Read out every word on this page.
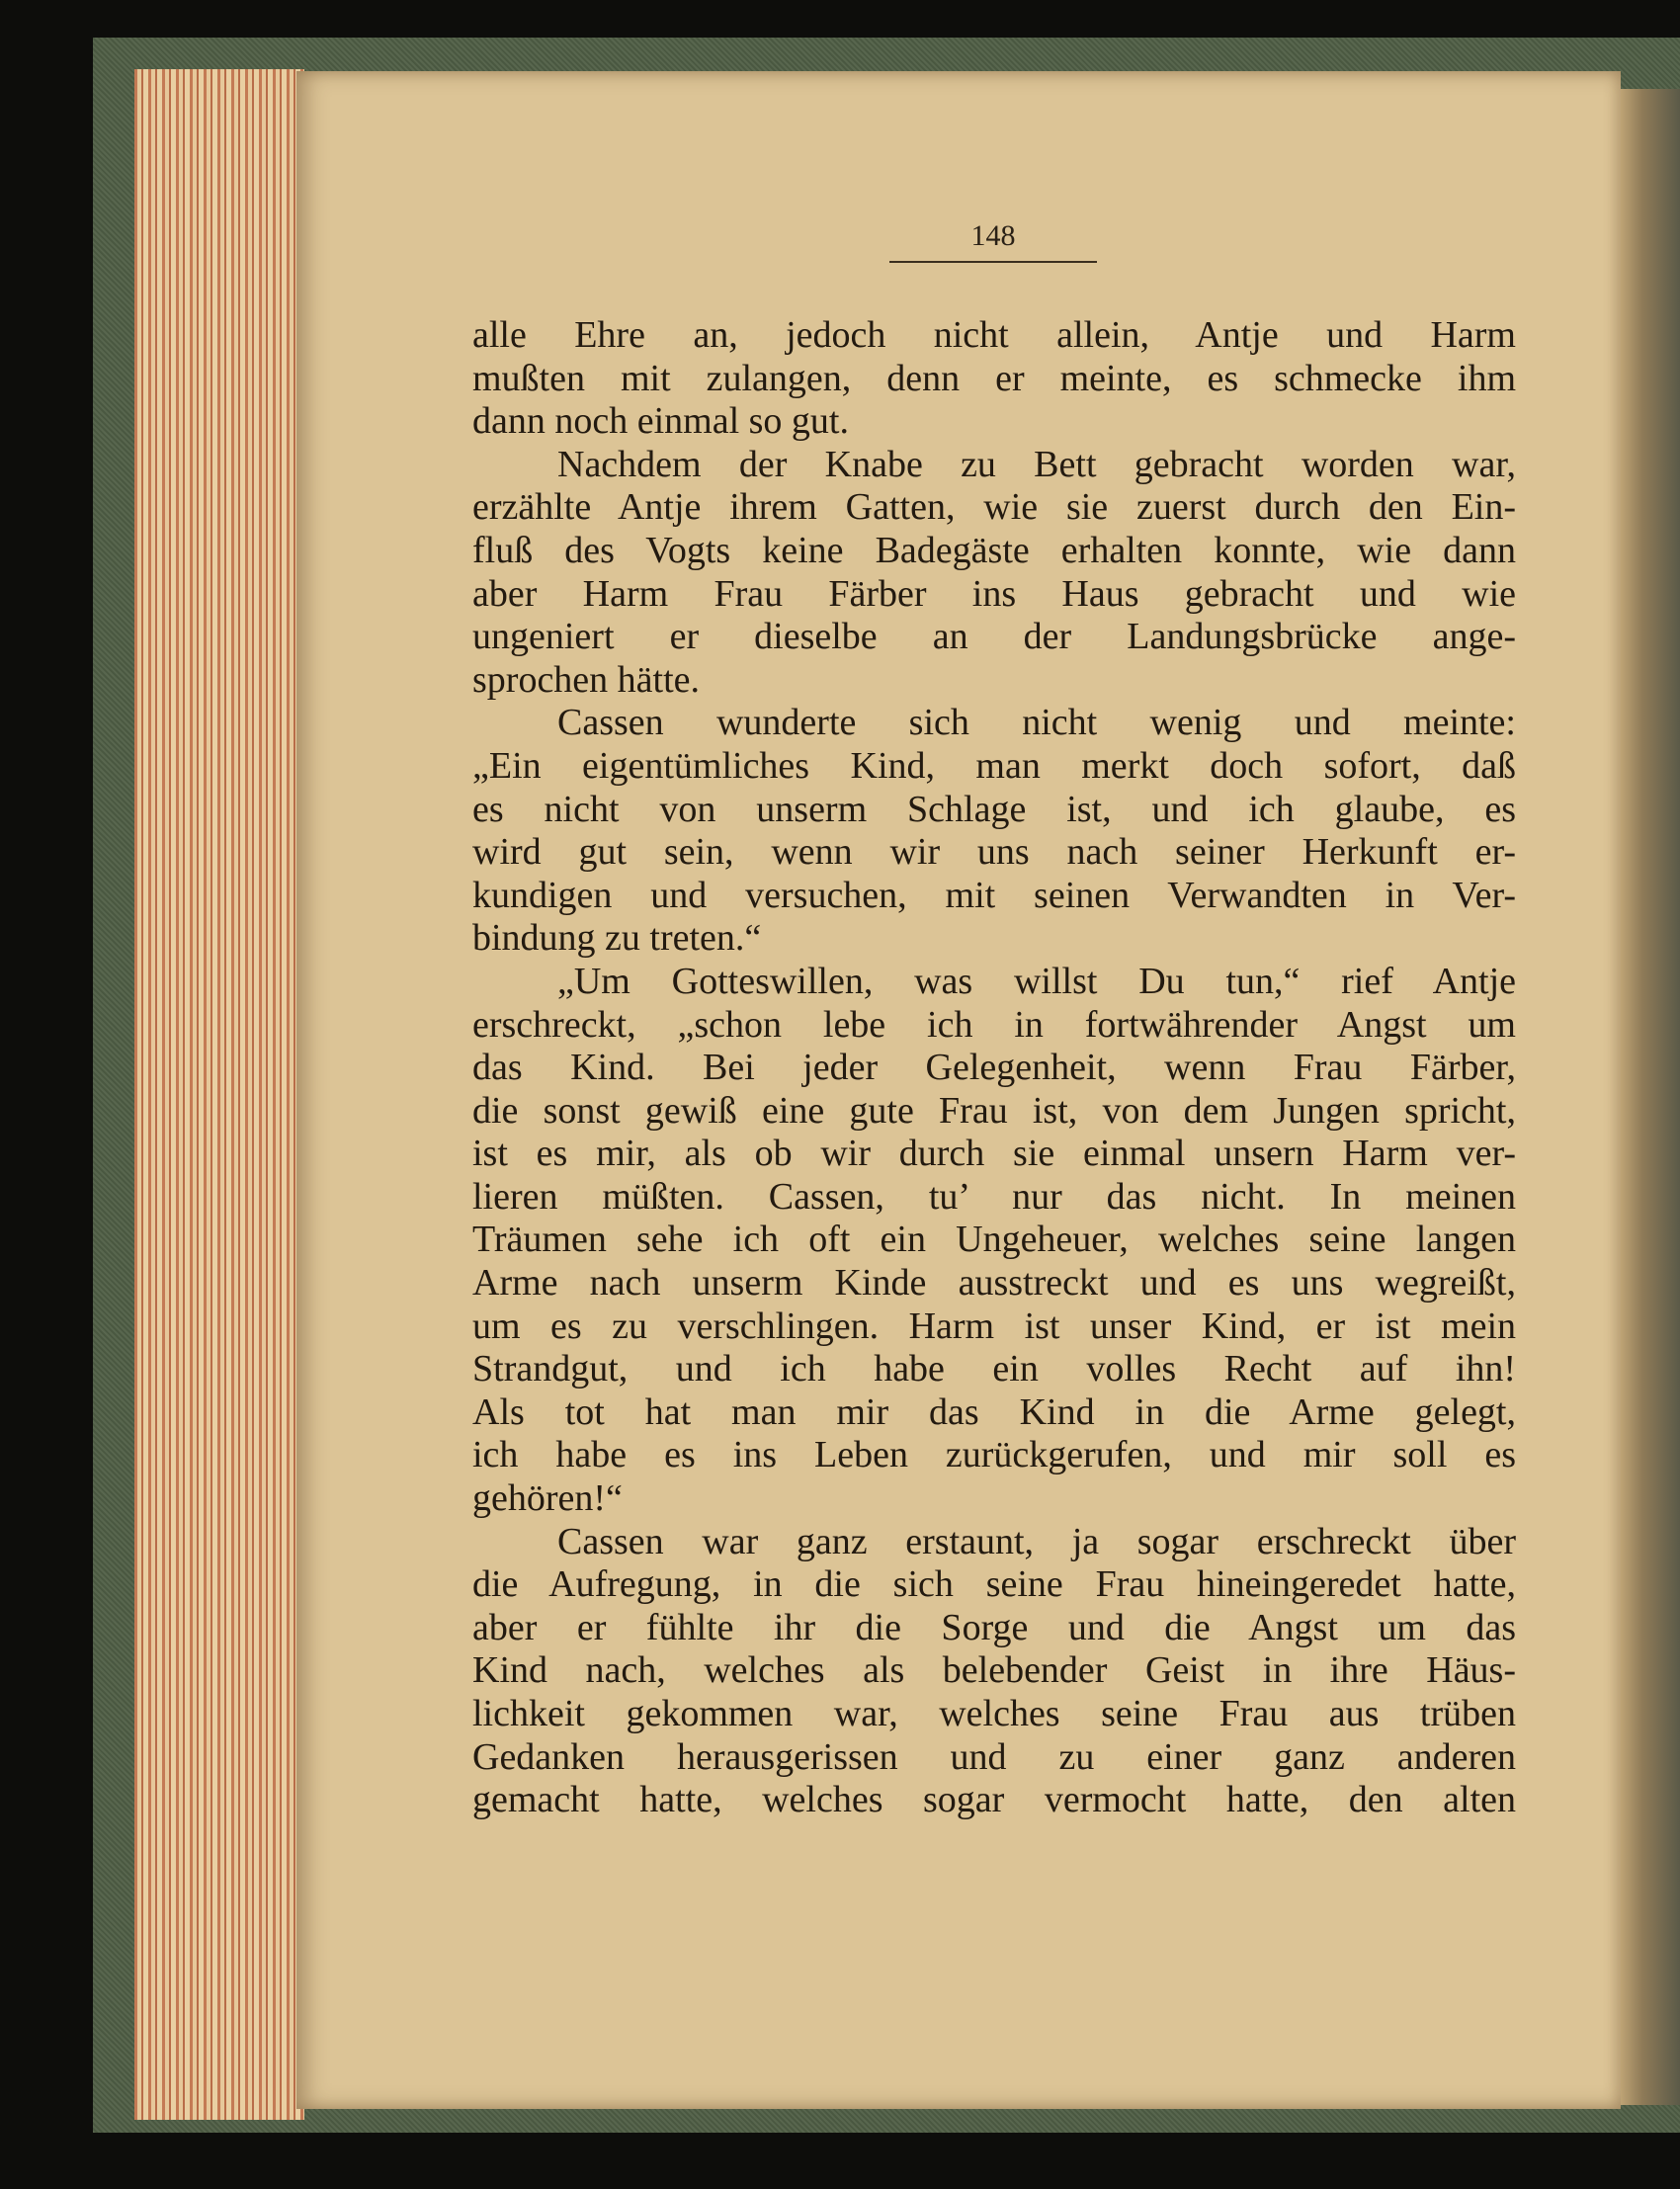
148
alle Ehre an, jedoch nicht allein, Antje und Harm
mußten mit zulangen, denn er meinte, es schmecke ihm
dann noch einmal so gut.
Nachdem der Knabe zu Bett gebracht worden war,
erzählte Antje ihrem Gatten, wie sie zuerst durch den Ein-
fluß des Vogts keine Badegäste erhalten konnte, wie dann
aber Harm Frau Färber ins Haus gebracht und wie
ungeniert er dieselbe an der Landungsbrücke ange-
sprochen hätte.
Cassen wunderte sich nicht wenig und meinte:
„Ein eigentümliches Kind, man merkt doch sofort, daß
es nicht von unserm Schlage ist, und ich glaube, es
wird gut sein, wenn wir uns nach seiner Herkunft er-
kundigen und versuchen, mit seinen Verwandten in Ver-
bindung zu treten.“
„Um Gotteswillen, was willst Du tun,“ rief Antje
erschreckt, „schon lebe ich in fortwährender Angst um
das Kind. Bei jeder Gelegenheit, wenn Frau Färber,
die sonst gewiß eine gute Frau ist, von dem Jungen spricht,
ist es mir, als ob wir durch sie einmal unsern Harm ver-
lieren müßten. Cassen, tu’ nur das nicht. In meinen
Träumen sehe ich oft ein Ungeheuer, welches seine langen
Arme nach unserm Kinde ausstreckt und es uns wegreißt,
um es zu verschlingen. Harm ist unser Kind, er ist mein
Strandgut, und ich habe ein volles Recht auf ihn!
Als tot hat man mir das Kind in die Arme gelegt,
ich habe es ins Leben zurückgerufen, und mir soll es
gehören!“
Cassen war ganz erstaunt, ja sogar erschreckt über
die Aufregung, in die sich seine Frau hineingeredet hatte,
aber er fühlte ihr die Sorge und die Angst um das
Kind nach, welches als belebender Geist in ihre Häus-
lichkeit gekommen war, welches seine Frau aus trüben
Gedanken herausgerissen und zu einer ganz anderen
gemacht hatte, welches sogar vermocht hatte, den alten
